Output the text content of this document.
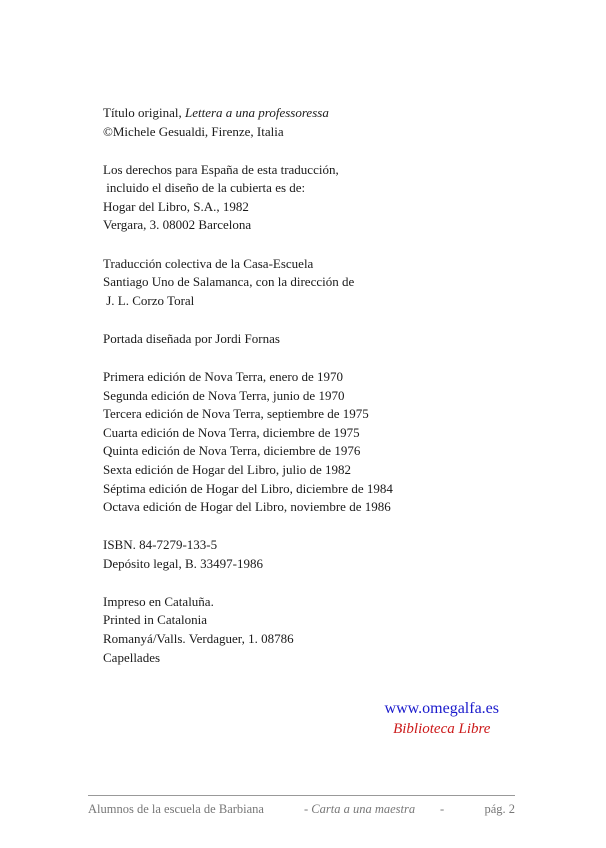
Título original, Lettera a una professoressa
©Michele Gesualdi, Firenze, Italia
Los derechos para España de esta traducción,
incluido el diseño de la cubierta es de:
Hogar del Libro, S.A., 1982
Vergara, 3. 08002 Barcelona
Traducción colectiva de la Casa-Escuela
Santiago Uno de Salamanca, con la dirección de
J. L. Corzo Toral
Portada diseñada por Jordi Fornas
Primera edición de Nova Terra, enero de 1970
Segunda edición de Nova Terra, junio de 1970
Tercera edición de Nova Terra, septiembre de 1975
Cuarta edición de Nova Terra, diciembre de 1975
Quinta edición de Nova Terra, diciembre de 1976
Sexta edición de Hogar del Libro, julio de 1982
Séptima edición de Hogar del Libro, diciembre de 1984
Octava edición de Hogar del Libro, noviembre de 1986
ISBN. 84-7279-133-5
Depósito legal, B. 33497-1986
Impreso en Cataluña.
Printed in Catalonia
Romanyá/Valls. Verdaguer, 1. 08786
Capellades
www.omegalfa.es
Biblioteca Libre
Alumnos de la escuela de Barbiana	- Carta a una maestra -	pág. 2
